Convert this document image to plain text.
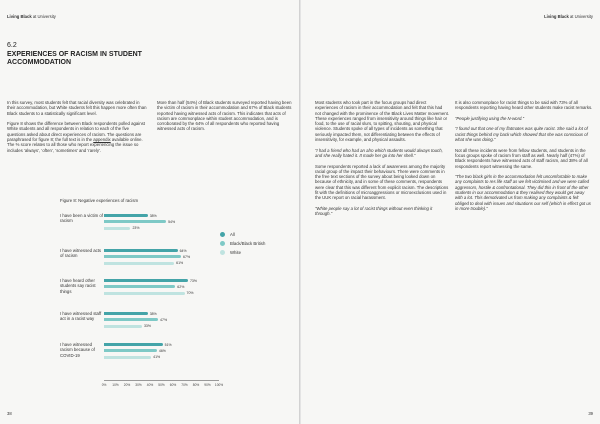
Living Black at University
6.2
EXPERIENCES OF RACISM IN STUDENT ACCOMMODATION

In this survey, most students felt that racial diversity was celebrated in their accommodation, but White students felt this happen more often than Black students to a statistically significant level.

Figure 8 shows the difference between Black respondents polled against White students and all respondents in relation to each of the five questions asked about direct experiences of racism. The questions are paraphrased for figure 8; the full text is in the appendix available online. The % score relates to all those who report experiencing the issue so includes ‘always’, ‘often’, ‘sometimes’ and ‘rarely’.

More than half (54%) of Black students surveyed reported having been the victim of racism in their accommodation and 67% of Black students reported having witnessed acts of racism. This indicates that acts of racism are commonplace within student accommodation, and is corroborated by the 64% of all respondents who reported having witnessed acts of racism.

Figure 8: Negative experiences of racism
38
I have been a victim of racism
38%
54%
23%
I have witnessed acts of racism
64%
67%
61%
I have heard other students say racist things
73%
62%
70%
I have witnessed staff act in a racist way
38%
47%
33%
I have witnessed racism because of COVID-19
51%
46%
41%
0% 10% 20% 30% 40% 50% 60% 70% 80% 90% 100%
All
Black/Black British
White
Living Black at University

Most students who took part in the focus groups had direct experiences of racism in their accommodation and felt that this had not changed with the prominence of the Black Lives Matter movement. These experiences ranged from insensitivity around things like hair or food, to the use of racial slurs, to spitting, shouting, and physical violence. Students spoke of all types of incidents as something that seriously impacted them, not differentiating between the effects of insensitivity, for example, and physical assaults.

“I had a friend who had an afro which students would always touch, and she really hated it. It made her go into her shell.”

Some respondents reported a lack of awareness among the majority racial group of the impact their behaviours. There were comments in the free text sections of the survey about being looked down on because of ethnicity, and in some of these comments, respondents were clear that this was different from explicit racism. The descriptions fit with the definitions of microaggressions or microexclusions used in the UUK report on racial harassment.

“White people say a lot of racist things without even thinking it through.”

It is also commonplace for racist things to be said with 73% of all respondents reporting having heard other students make racist remarks.

“People justifying using the N-word.”

“I found out that one of my flatmates was quite racist. She said a lot of racist things behind my back which showed that she was conscious of what she was doing.”

Not all these incidents were from fellow students, and students in the focus groups spoke of racism from staff as well. Nearly half (47%) of Black respondents have witnessed acts of staff racism, and 38% of all respondents report witnessing the same.

“The two black girls in the accommodation felt uncomfortable to make any complaints to res life staff as we felt victimised and we were called aggressors, hostile & confrontational. They did this in front of the other students in our accommodation & they realised they would get away with a lot. This demotivated us from making any complaints & felt obliged to deal with issues and situations our self (which in effect got us in more trouble).”

39
